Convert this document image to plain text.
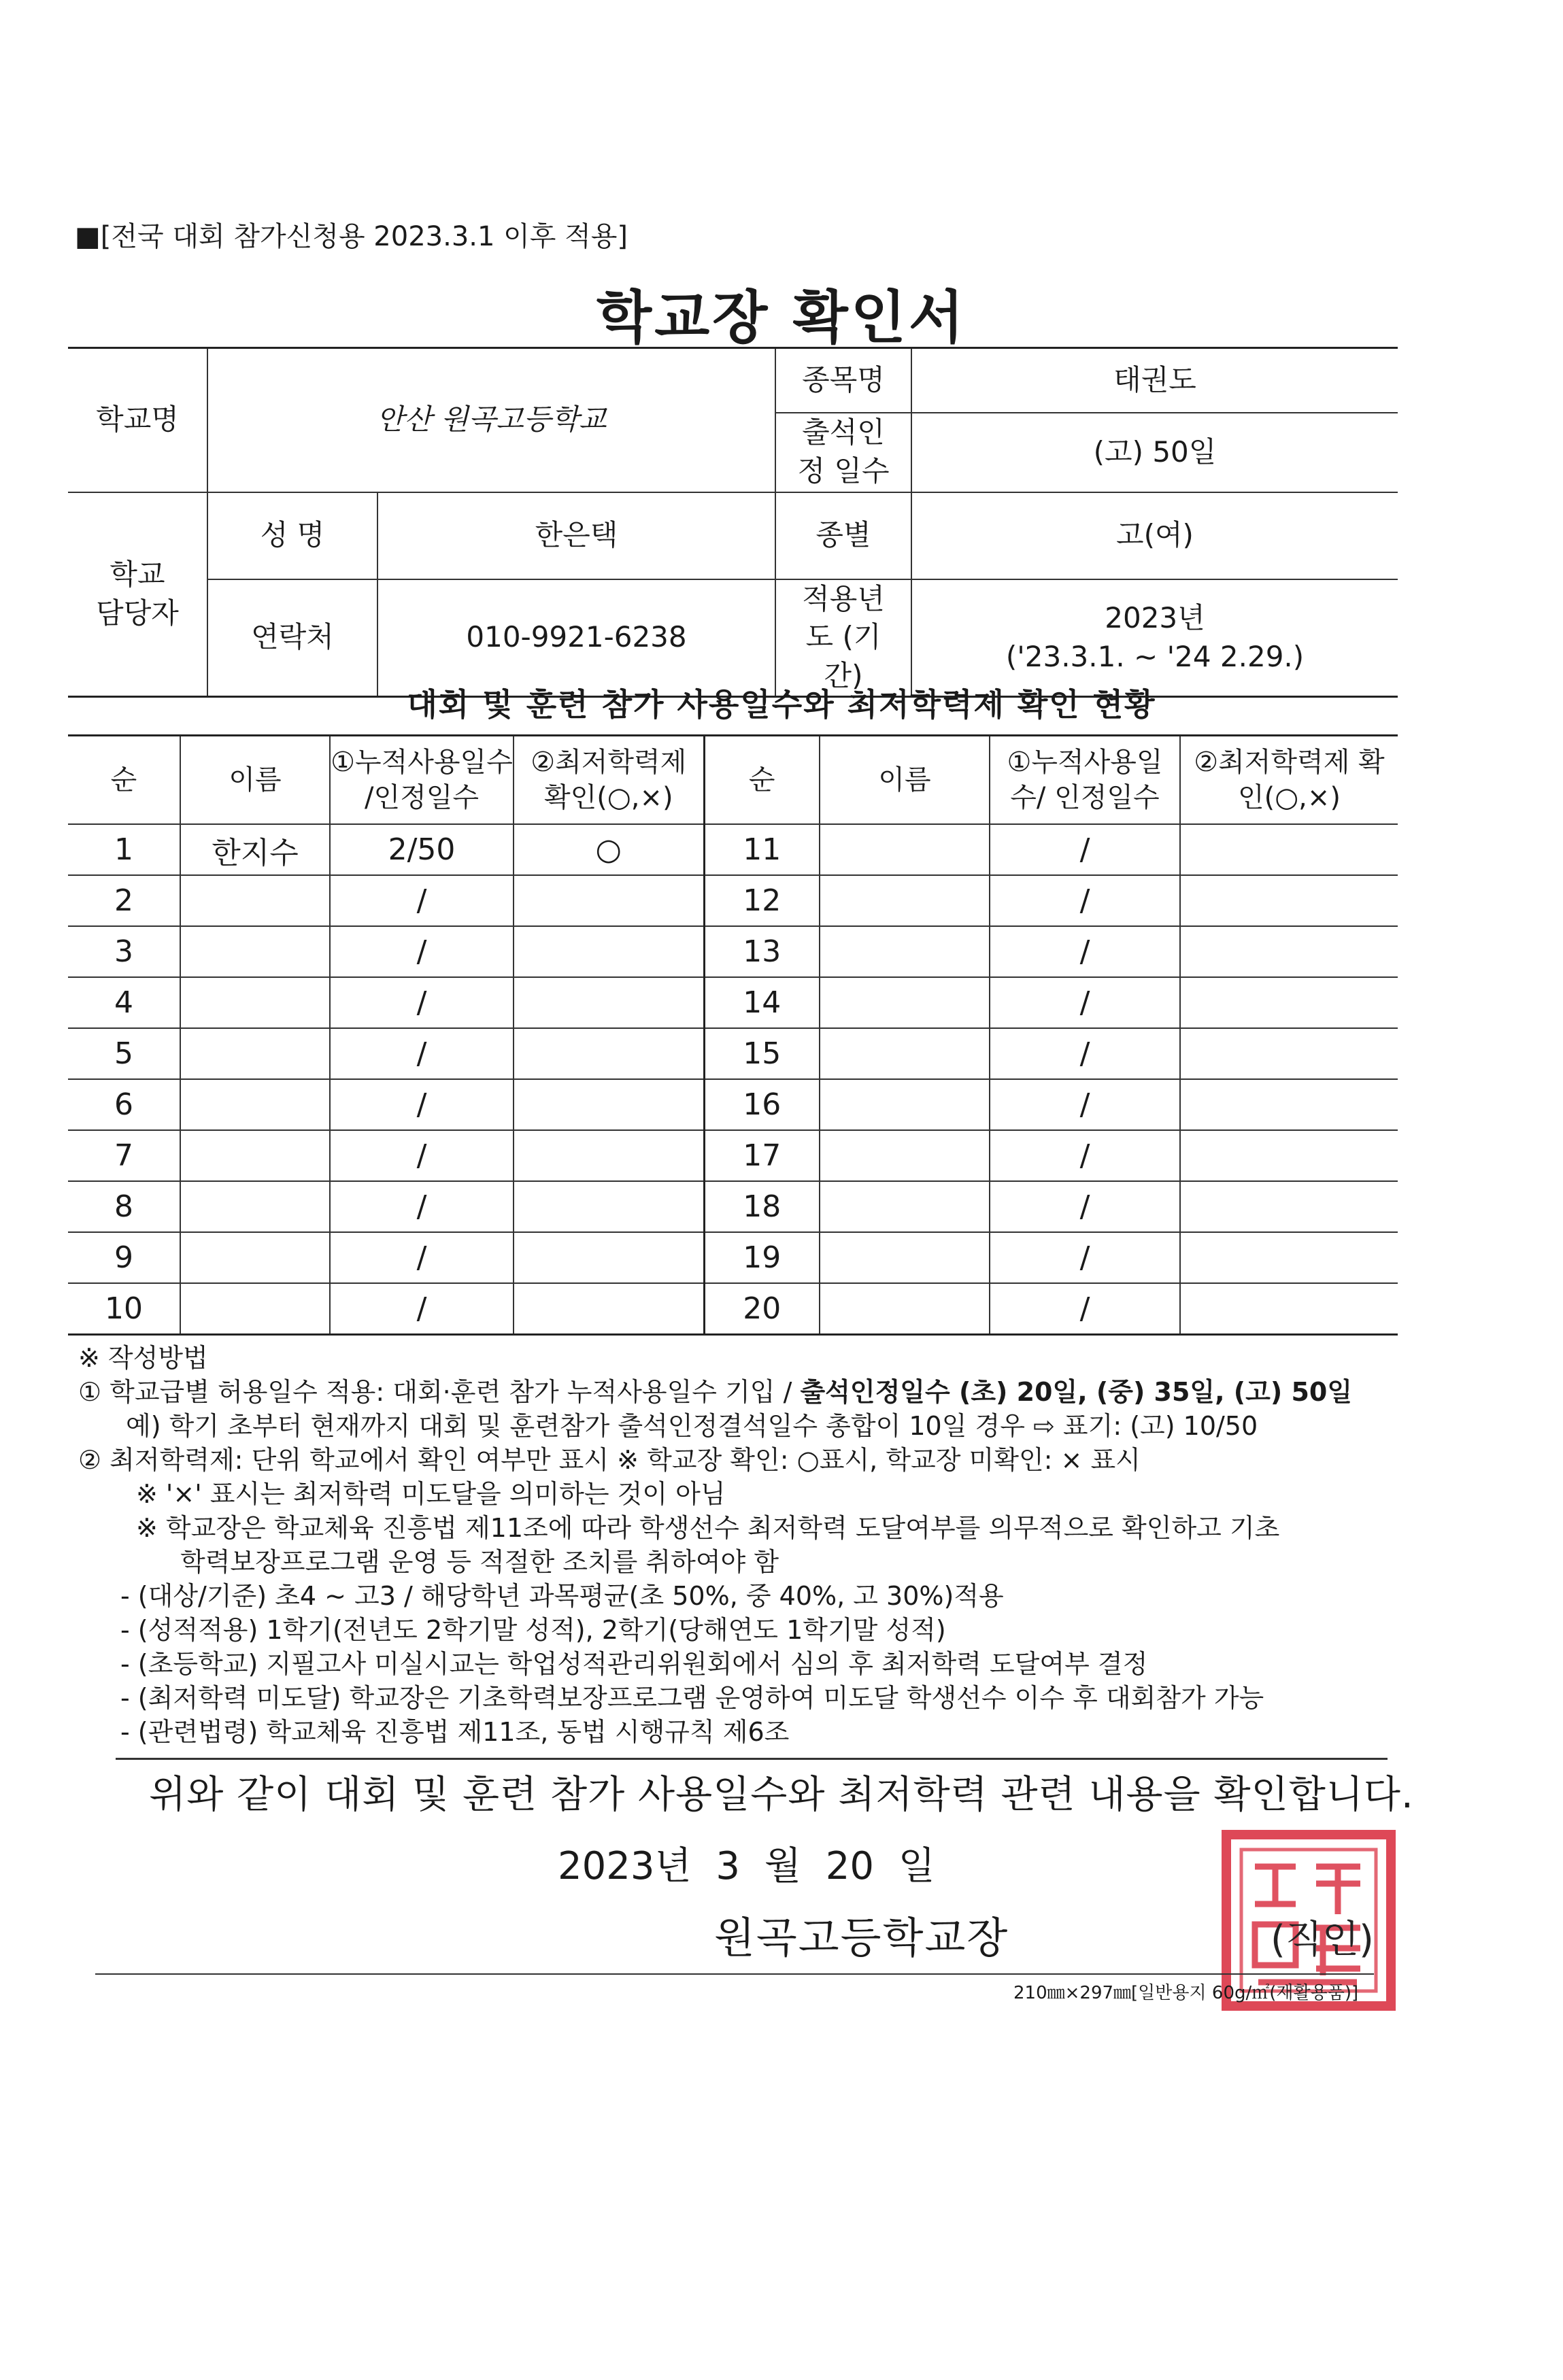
■[전국 대회 참가신청용 2023.3.1 이후 적용]
학교장 확인서
학교명	안산 원곡고등학교		종목명	태권도
			출석인정 일수	(고) 50일
학교 담당자	성 명	한은택	종별	고(여)
	연락처	010-9921-6238	적용년도 (기간)	2023년
('23.3.1. ~ '24 2.29.)
대회 및 훈련 참가 사용일수와 최저학력제 확인 현황
순	이름	①누적사용일수 /인정일수	②최저학력제 확인(○,×)	순	이름	①누적사용일수/ 인정일수	②최저학력제 확인(○,×)
1	한지수	2/50	○	11		/	
2		/		12		/	
3		/		13		/	
4		/		14		/	
5		/		15		/	
6		/		16		/	
7		/		17		/	
8		/		18		/	
9		/		19		/	
10		/		20		/	
※ 작성방법
① 학교급별 허용일수 적용: 대회·훈련 참가 누적사용일수 기입 / 출석인정일수 (초) 20일, (중) 35일, (고) 50일
예) 학기 초부터 현재까지 대회 및 훈련참가 출석인정결석일수 총합이 10일 경우 ⇨ 표기: (고) 10/50
② 최저학력제: 단위 학교에서 확인 여부만 표시 ※ 학교장 확인: ○표시, 학교장 미확인: × 표시
※ '×' 표시는 최저학력 미도달을 의미하는 것이 아님
※ 학교장은 학교체육 진흥법 제11조에 따라 학생선수 최저학력 도달여부를 의무적으로 확인하고 기초
학력보장프로그램 운영 등 적절한 조치를 취하여야 함
- (대상/기준) 초4 ~ 고3 / 해당학년 과목평균(초 50%, 중 40%, 고 30%)적용
- (성적적용) 1학기(전년도 2학기말 성적), 2학기(당해연도 1학기말 성적)
- (초등학교) 지필고사 미실시교는 학업성적관리위원회에서 심의 후 최저학력 도달여부 결정
- (최저학력 미도달) 학교장은 기초학력보장프로그램 운영하여 미도달 학생선수 이수 후 대회참가 가능
- (관련법령) 학교체육 진흥법 제11조, 동법 시행규칙 제6조
위와 같이 대회 및 훈련 참가 사용일수와 최저학력 관련 내용을 확인합니다.
2023년 3 월 20 일
원곡고등학교장	(직인)
210㎜×297㎜[일반용지 60g/㎡(재활용품)]
